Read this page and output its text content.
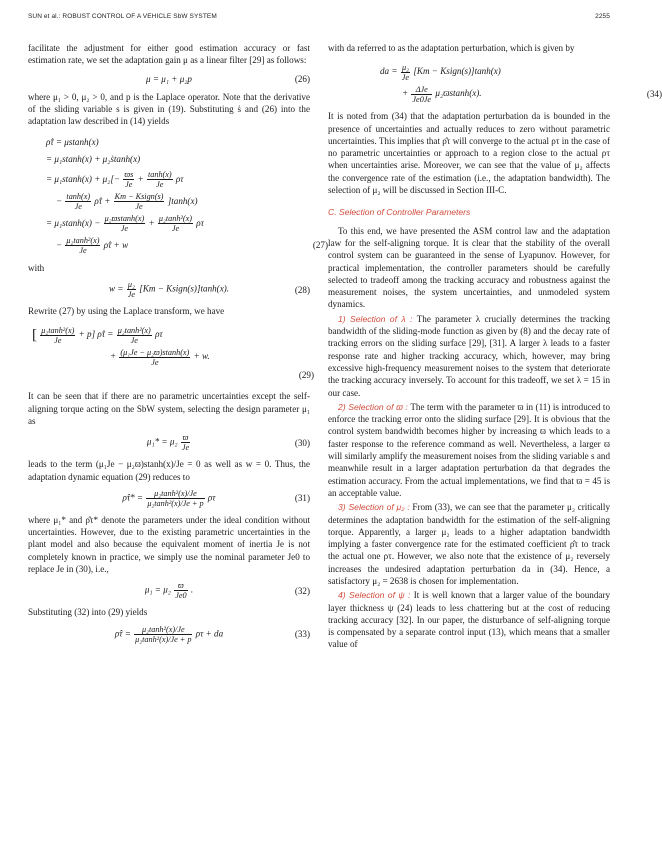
SUN et al.: ROBUST CONTROL OF A VEHICLE SbW SYSTEM	2255

facilitate the adjustment for either good estimation accuracy or fast estimation rate, we set the adaptation gain μ as a linear filter [29] as follows:

μ = μ₁ + μ₂p	(26)

where μ₁ > 0, μ₂ > 0, and p is the Laplace operator. Note that the derivative of the sliding variable s is given in (19). Substituting ṡ and (26) into the adaptation law described in (14) yields

ρ̂̇τ = μstanh(x)
= μ₁stanh(x) + μ₂ṡtanh(x)
= $\mu_1stanh(x) + \mu_2[- \frac{ϖs}{Je} + \frac{\tanh(x)}{Je}$ ρτ
− $\frac{\tanh(x)}{Je}$ ρ̂τ + $\frac{\text{Km − Ksign(s)}}{Je} ]\tanh(x)$
= $\mu_1stanh(x) - \frac{\text{μ₂ϖstanh(x)}}{Je} + \frac{\text{μ₂tanh²(x)}}{Je}$ ρτ
− $\frac{\text{μ₂tanh²(x)}}{Je}$ ρ̂τ + w	(27)

with

$w = \frac{\text{μ₂}}{Je} [Km$ − Ksign(s)]tanh(x).	(28)

Rewrite (27) by using the Laplace transform, we have

[ $\frac{\text{μ₂tanh²(x)}}{Je} + p$] ρ̂τ = $\frac{\text{μ₂tanh²(x)}}{Je}$ ρτ
+ $\frac{\text{(μ₁Je − μ₂ϖ)stanh(x)}}{Je} + w$.
(29)

It can be seen that if there are no parametric uncertainties except the self-aligning torque acting on the SbW system, selecting the design parameter μ₁ as

$\mu_1* = \mu_2 \frac{ϖ}{Je}$	(30)

leads to the term (μ₁Je − μ₂ϖ)stanh(x)/Je = 0 as well as w = 0. Thus, the adaptation dynamic equation (29) reduces to

ρ̂τ* = $\frac{\text{μ₂tanh²(x)/Je}}{\text{μ₂tanh²(x)/Je + p}}$ ρτ	(31)

where μ₁* and ρ̂τ* denote the parameters under the ideal condition without uncertainties. However, due to the existing parametric uncertainties in the plant model and also because the equivalent moment of inertia Je is not completely known in practice, we simply use the nominal parameter Je0 to replace Je in (30), i.e.,

$\mu_1 = \mu_2 \frac{ϖ}{Je0}$ .	(32)

Substituting (32) into (29) yields

ρ̂τ = $\frac{\text{μ₂tanh²(x)/Je}}{\text{μ₂tanh²(x)/Je + p}}$ ρτ + da	(33)

with da referred to as the adaptation perturbation, which is given by

da = $\frac{\text{μ₂}}{Je} [Km$ − Ksign(s)]tanh(x)
+ $\frac{\text{ΔJe}}{Je0Je} \mu_2ϖstanh(x)$.	(34)

It is noted from (34) that the adaptation perturbation da is bounded in the presence of uncertainties and actually reduces to zero without parametric uncertainties. This implies that ρ̂τ will converge to the actual ρτ in the case of no parametric uncertainties or approach to a region close to the actual ρτ when uncertainties arise. Moreover, we can see that the value of μ₂ affects the convergence rate of the estimation (i.e., the adaptation bandwidth). The selection of μ₂ will be discussed in Section III-C.

C. Selection of Controller Parameters

To this end, we have presented the ASM control law and the adaptation law for the self-aligning torque. It is clear that the stability of the overall control system can be guaranteed in the sense of Lyapunov. However, for practical implementation, the controller parameters should be carefully selected to tradeoff among the tracking accuracy and robustness against the measurement noises, the system uncertainties, and unmodeled system dynamics.

1) Selection of λ : The parameter λ crucially determines the tracking bandwidth of the sliding-mode function as given by (8) and the decay rate of tracking errors on the sliding surface [29], [31]. A larger λ leads to a faster response rate and higher tracking accuracy, which, however, may bring excessive high-frequency measurement noises to the system that deteriorate the tracking accuracy inversely. To account for this tradeoff, we set λ = 15 in our case.

2) Selection of ϖ : The term with the parameter ϖ in (11) is introduced to enforce the tracking error onto the sliding surface [29]. It is obvious that the control system bandwidth becomes higher by increasing ϖ which leads to a faster response to the reference command as well. Nevertheless, a larger ϖ will similarly amplify the measurement noises from the sliding variable s and meanwhile result in a larger adaptation perturbation da that degrades the estimation accuracy. From the actual implementations, we find that ϖ = 45 is an acceptable value.

3) Selection of μ₂ : From (33), we can see that the parameter μ₂ critically determines the adaptation bandwidth for the estimation of the self-aligning torque. Apparently, a larger μ₂ leads to a higher adaptation bandwidth implying a faster convergence rate for the estimated coefficient ρ̂τ to track the actual one ρτ. However, we also note that the existence of μ₂ reversely increases the undesired adaptation perturbation da in (34). Hence, a satisfactory μ₂ = 2638 is chosen for implementation.

4) Selection of ψ : It is well known that a larger value of the boundary layer thickness ψ (24) leads to less chattering but at the cost of reducing tracking accuracy [32]. In our paper, the disturbance of self-aligning torque is compensated by a separate control input (13), which means that a smaller value of
